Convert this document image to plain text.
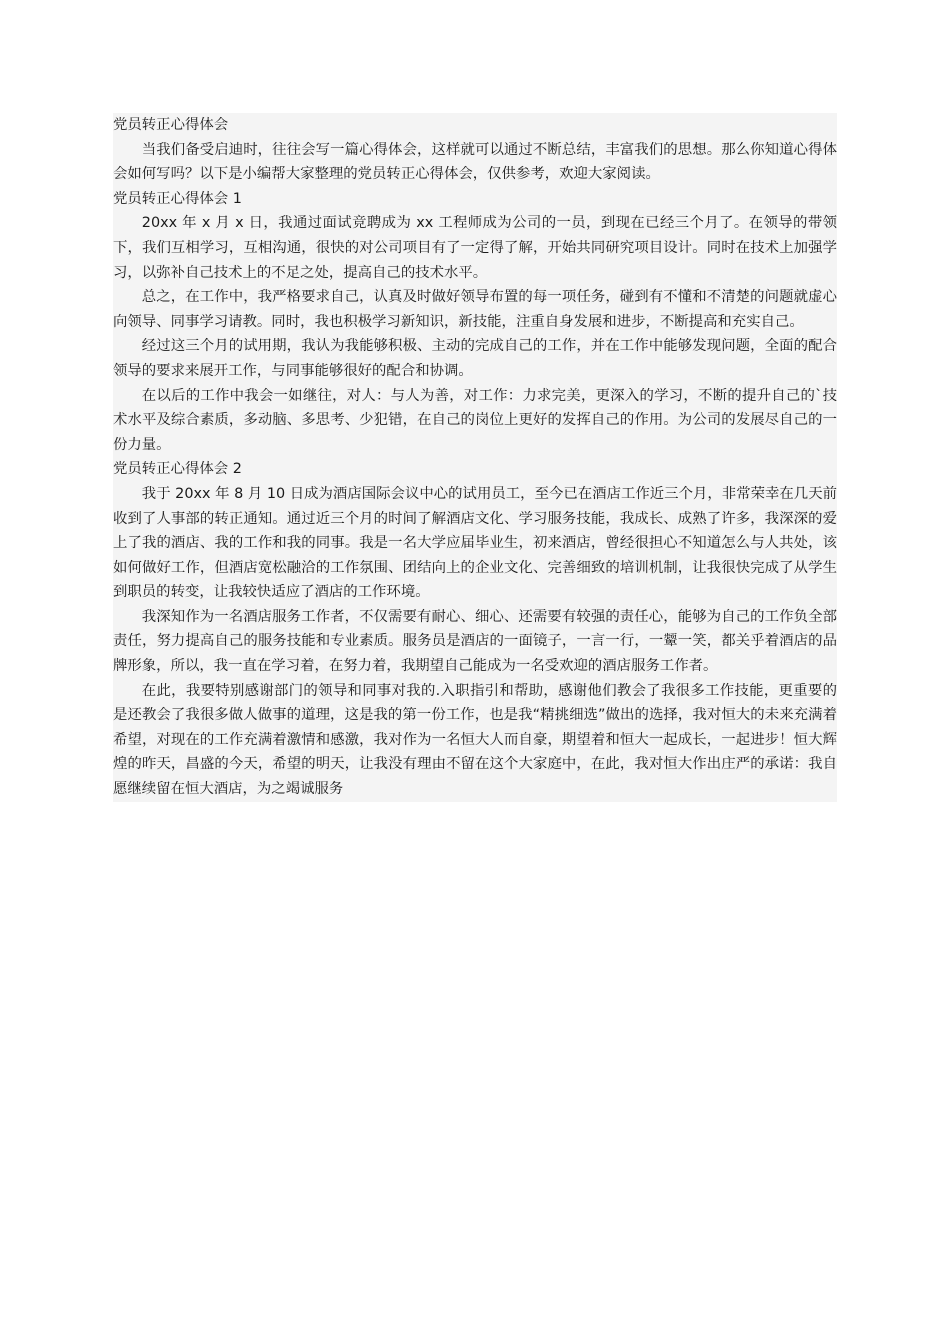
党员转正心得体会

当我们备受启迪时，往往会写一篇心得体会，这样就可以通过不断总结，丰富我们的思想。那么你知道心得体会如何写吗？以下是小编帮大家整理的党员转正心得体会，仅供参考，欢迎大家阅读。

党员转正心得体会 1

20xx 年 x 月 x 日，我通过面试竞聘成为 xx 工程师成为公司的一员，到现在已经三个月了。在领导的带领下，我们互相学习，互相沟通，很快的对公司项目有了一定得了解，开始共同研究项目设计。同时在技术上加强学习，以弥补自己技术上的不足之处，提高自己的技术水平。

总之，在工作中，我严格要求自己，认真及时做好领导布置的每一项任务，碰到有不懂和不清楚的问题就虚心向领导、同事学习请教。同时，我也积极学习新知识，新技能，注重自身发展和进步，不断提高和充实自己。

经过这三个月的试用期，我认为我能够积极、主动的完成自己的工作，并在工作中能够发现问题，全面的配合领导的要求来展开工作，与同事能够很好的配合和协调。

在以后的工作中我会一如继往，对人：与人为善，对工作：力求完美，更深入的学习，不断的提升自己的`技术水平及综合素质，多动脑、多思考、少犯错，在自己的岗位上更好的发挥自己的作用。为公司的发展尽自己的一份力量。

党员转正心得体会 2

我于 20xx 年 8 月 10 日成为酒店国际会议中心的试用员工，至今已在酒店工作近三个月，非常荣幸在几天前收到了人事部的转正通知。通过近三个月的时间了解酒店文化、学习服务技能，我成长、成熟了许多，我深深的爱上了我的酒店、我的工作和我的同事。我是一名大学应届毕业生，初来酒店，曾经很担心不知道怎么与人共处，该如何做好工作，但酒店宽松融洽的工作氛围、团结向上的企业文化、完善细致的培训机制，让我很快完成了从学生到职员的转变，让我较快适应了酒店的工作环境。

我深知作为一名酒店服务工作者，不仅需要有耐心、细心、还需要有较强的责任心，能够为自己的工作负全部责任，努力提高自己的服务技能和专业素质。服务员是酒店的一面镜子，一言一行，一颦一笑，都关乎着酒店的品牌形象，所以，我一直在学习着，在努力着，我期望自己能成为一名受欢迎的酒店服务工作者。

在此，我要特别感谢部门的领导和同事对我的.入职指引和帮助，感谢他们教会了我很多工作技能，更重要的是还教会了我很多做人做事的道理，这是我的第一份工作，也是我“精挑细选”做出的选择，我对恒大的未来充满着希望，对现在的工作充满着激情和感激，我对作为一名恒大人而自豪，期望着和恒大一起成长，一起进步！恒大辉煌的昨天，昌盛的今天，希望的明天，让我没有理由不留在这个大家庭中，在此，我对恒大作出庄严的承诺：我自愿继续留在恒大酒店，为之竭诚服务
